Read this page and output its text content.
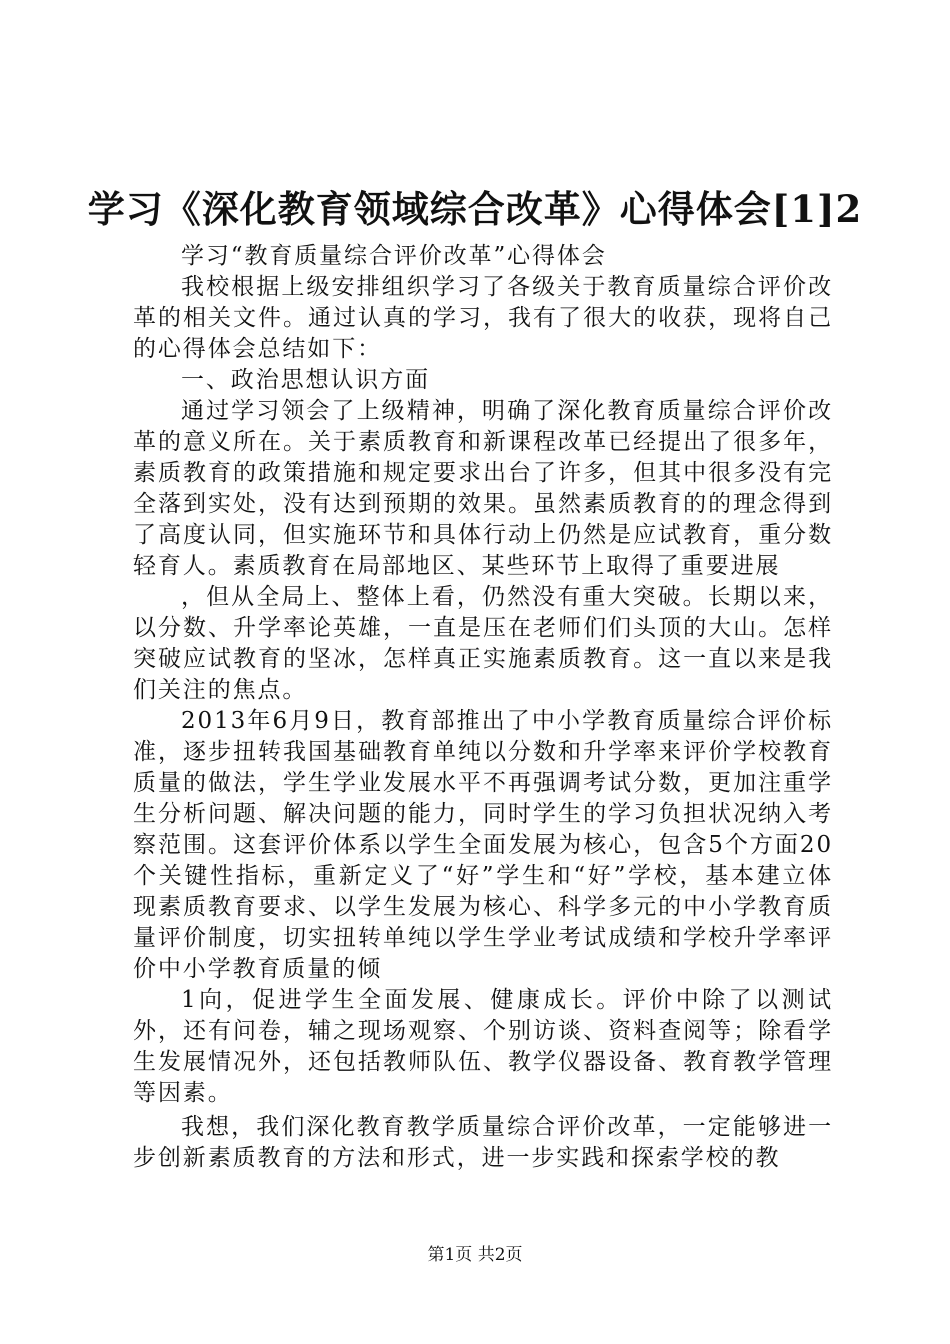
学习《深化教育领域综合改革》心得体会[1]2

学习“教育质量综合评价改革”心得体会

我校根据上级安排组织学习了各级关于教育质量综合评价改革的相关文件。通过认真的学习，我有了很大的收获，现将自己的心得体会总结如下：

一、政治思想认识方面

通过学习领会了上级精神，明确了深化教育质量综合评价改革的意义所在。关于素质教育和新课程改革已经提出了很多年，素质教育的政策措施和规定要求出台了许多，但其中很多没有完全落到实处，没有达到预期的效果。虽然素质教育的的理念得到了高度认同，但实施环节和具体行动上仍然是应试教育，重分数轻育人。素质教育在局部地区、某些环节上取得了重要进展

，但从全局上、整体上看，仍然没有重大突破。长期以来，以分数、升学率论英雄，一直是压在老师们们头顶的大山。怎样突破应试教育的坚冰，怎样真正实施素质教育。这一直以来是我们关注的焦点。

2013年6月9日，教育部推出了中小学教育质量综合评价标准，逐步扭转我国基础教育单纯以分数和升学率来评价学校教育质量的做法，学生学业发展水平不再强调考试分数，更加注重学生分析问题、解决问题的能力，同时学生的学习负担状况纳入考察范围。这套评价体系以学生全面发展为核心，包含5个方面20个关键性指标，重新定义了“好”学生和“好”学校，基本建立体现素质教育要求、以学生发展为核心、科学多元的中小学教育质量评价制度，切实扭转单纯以学生学业考试成绩和学校升学率评价中小学教育质量的倾

1向，促进学生全面发展、健康成长。评价中除了以测试外，还有问卷，辅之现场观察、个别访谈、资料查阅等；除看学生发展情况外，还包括教师队伍、教学仪器设备、教育教学管理等因素。

我想，我们深化教育教学质量综合评价改革，一定能够进一步创新素质教育的方法和形式，进一步实践和探索学校的教

第1页 共2页
